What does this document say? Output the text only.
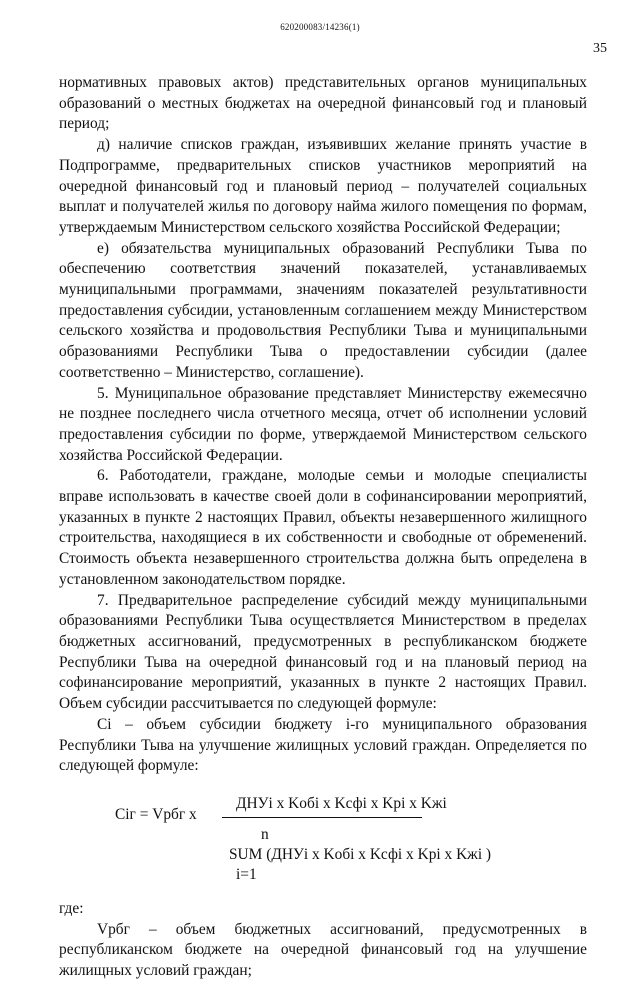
620200083/14236(1)
35

нормативных правовых актов) представительных органов муниципальных образований о местных бюджетах на очередной финансовый год и плановый период;

д) наличие списков граждан, изъявивших желание принять участие в Подпрограмме, предварительных списков участников мероприятий на очередной финансовый год и плановый период – получателей социальных выплат и получателей жилья по договору найма жилого помещения по формам, утверждаемым Министерством сельского хозяйства Российской Федерации;

е) обязательства муниципальных образований Республики Тыва по обеспечению соответствия значений показателей, устанавливаемых муниципальными программами, значениям показателей результативности предоставления субсидии, установленным соглашением между Министерством сельского хозяйства и продовольствия Республики Тыва и муниципальными образованиями Республики Тыва о предоставлении субсидии (далее соответственно – Министерство, соглашение).

5. Муниципальное образование представляет Министерству ежемесячно не позднее последнего числа отчетного месяца, отчет об исполнении условий предоставления субсидии по форме, утверждаемой Министерством сельского хозяйства Российской Федерации.

6. Работодатели, граждане, молодые семьи и молодые специалисты вправе использовать в качестве своей доли в софинансировании мероприятий, указанных в пункте 2 настоящих Правил, объекты незавершенного жилищного строительства, находящиеся в их собственности и свободные от обременений. Стоимость объекта незавершенного строительства должна быть определена в установленном законодательством порядке.

7. Предварительное распределение субсидий между муниципальными образованиями Республики Тыва осуществляется Министерством в пределах бюджетных ассигнований, предусмотренных в республиканском бюджете Республики Тыва на очередной финансовый год и на плановый период на софинансирование мероприятий, указанных в пункте 2 настоящих Правил. Объем субсидии рассчитывается по следующей формуле:

Ci – объем субсидии бюджету i-го муниципального образования Республики Тыва на улучшение жилищных условий граждан. Определяется по следующей формуле:

ДНУi x Kобi x Kсфi x Kрi x Kжi
Ciг = Vрбг x
n
SUM (ДНУi x Kобi x Kсфi x Kрi x Kжi )
i=1

где:

Vрбг – объем бюджетных ассигнований, предусмотренных в республиканском бюджете на очередной финансовый год на улучшение жилищных условий граждан;
